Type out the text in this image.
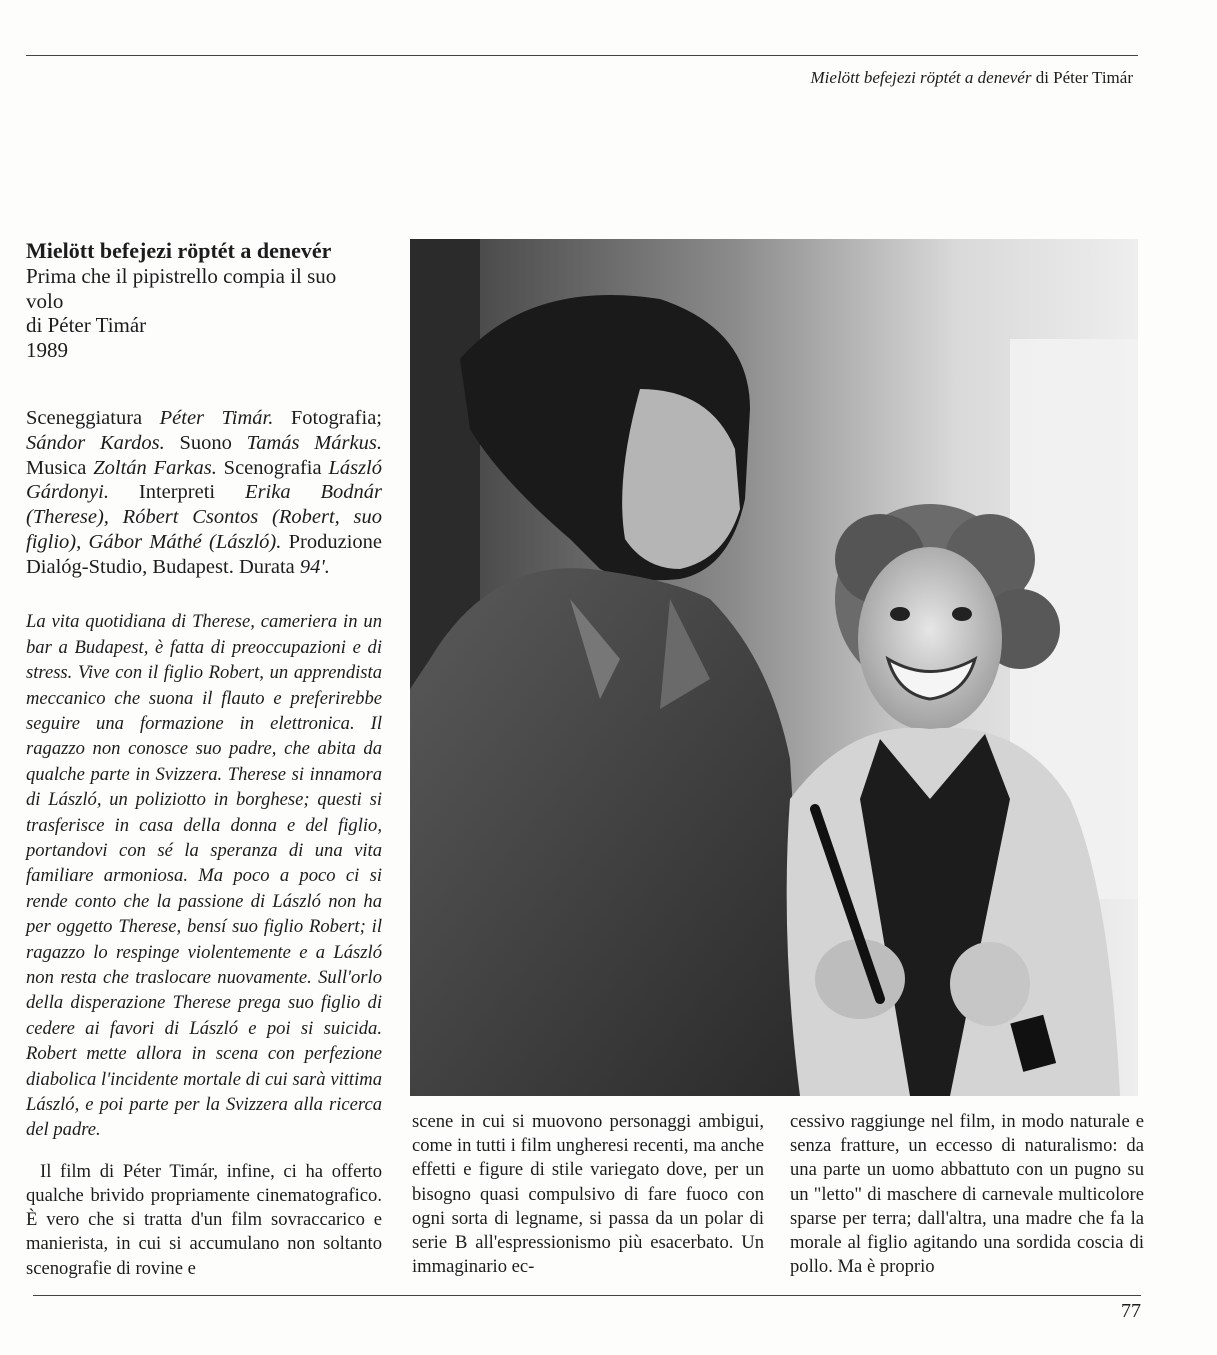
Mielött befejezi röptét a denevér di Péter Timár

Mielött befejezi röptét a denevér

Prima che il pipistrello compia il suo
volo

di Péter Timár

1989

Sceneggiatura Péter Timár. Fotografia; Sándor Kardos. Suono Tamás Márkus. Musica Zoltán Farkas. Scenografia László Gárdonyi. Interpreti Erika Bodnár (Therese), Róbert Csontos (Robert, suo figlio), Gábor Máthé (László). Produzione Dialóg-Studio, Budapest. Durata 94'.

La vita quotidiana di Therese, cameriera in un bar a Budapest, è fatta di preoccupazioni e di stress. Vive con il figlio Robert, un apprendista meccanico che suona il flauto e preferirebbe seguire una formazione in elettronica. Il ragazzo non conosce suo padre, che abita da qualche parte in Svizzera. Therese si innamora di László, un poliziotto in borghese; questi si trasferisce in casa della donna e del figlio, portandovi con sé la speranza di una vita familiare armoniosa. Ma poco a poco ci si rende conto che la passione di László non ha per oggetto Therese, bensí suo figlio Robert; il ragazzo lo respinge violentemente e a László non resta che traslocare nuovamente. Sull'orlo della disperazione Therese prega suo figlio di cedere ai favori di László e poi si suicida. Robert mette allora in scena con perfezione diabolica l'incidente mortale di cui sarà vittima László, e poi parte per la Svizzera alla ricerca del padre.

Il film di Péter Timár, infine, ci ha offerto qualche brivido propriamente cinematografico. È vero che si tratta d'un film sovraccarico e manierista, in cui si accumulano non soltanto scenografie di rovine e

scene in cui si muovono personaggi ambigui, come in tutti i film ungheresi recenti, ma anche effetti e figure di stile variegato dove, per un bisogno quasi compulsivo di fare fuoco con ogni sorta di legname, si passa da un polar di serie B all'espressionismo più esacerbato. Un immaginario ec-
cessivo raggiunge nel film, in modo naturale e senza fratture, un eccesso di naturalismo: da una parte un uomo abbattuto con un pugno su un "letto" di maschere di carnevale multicolore sparse per terra; dall'altra, una madre che fa la morale al figlio agitando una sordida coscia di pollo. Ma è proprio
77
